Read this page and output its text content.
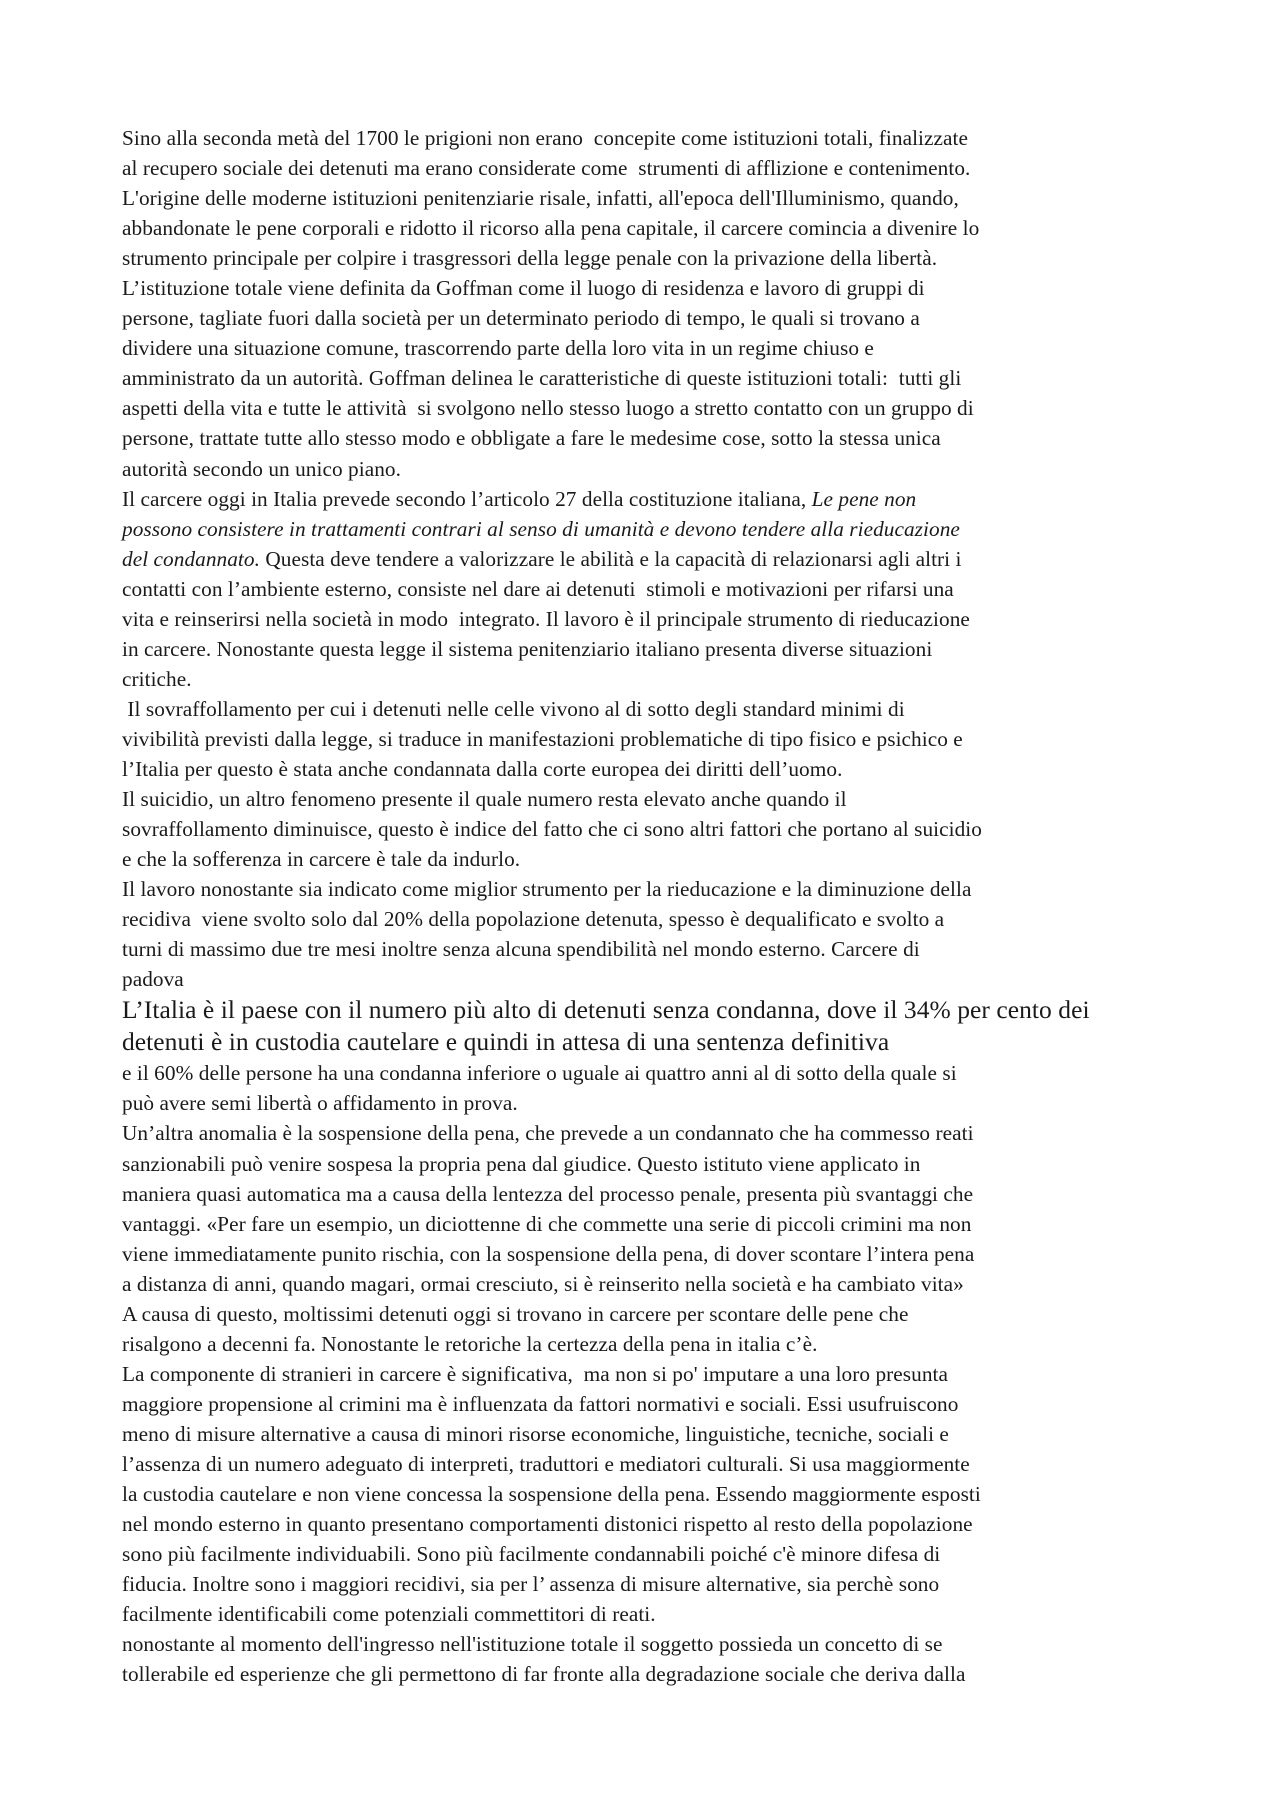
Sino alla seconda metà del 1700 le prigioni non erano  concepite come istituzioni totali, finalizzate
al recupero sociale dei detenuti ma erano considerate come  strumenti di afflizione e contenimento.
L'origine delle moderne istituzioni penitenziarie risale, infatti, all'epoca dell'Illuminismo, quando,
abbandonate le pene corporali e ridotto il ricorso alla pena capitale, il carcere comincia a divenire lo
strumento principale per colpire i trasgressori della legge penale con la privazione della libertà.
L’istituzione totale viene definita da Goffman come il luogo di residenza e lavoro di gruppi di
persone, tagliate fuori dalla società per un determinato periodo di tempo, le quali si trovano a
dividere una situazione comune, trascorrendo parte della loro vita in un regime chiuso e
amministrato da un autorità. Goffman delinea le caratteristiche di queste istituzioni totali:  tutti gli
aspetti della vita e tutte le attività  si svolgono nello stesso luogo a stretto contatto con un gruppo di
persone, trattate tutte allo stesso modo e obbligate a fare le medesime cose, sotto la stessa unica
autorità secondo un unico piano.
Il carcere oggi in Italia prevede secondo l’articolo 27 della costituzione italiana, Le pene non
possono consistere in trattamenti contrari al senso di umanità e devono tendere alla rieducazione
del condannato. Questa deve tendere a valorizzare le abilità e la capacità di relazionarsi agli altri i
contatti con l’ambiente esterno, consiste nel dare ai detenuti  stimoli e motivazioni per rifarsi una
vita e reinserirsi nella società in modo  integrato. Il lavoro è il principale strumento di rieducazione
in carcere. Nonostante questa legge il sistema penitenziario italiano presenta diverse situazioni
critiche.
Il sovraffollamento per cui i detenuti nelle celle vivono al di sotto degli standard minimi di
vivibilità previsti dalla legge, si traduce in manifestazioni problematiche di tipo fisico e psichico e
l’Italia per questo è stata anche condannata dalla corte europea dei diritti dell’uomo.
Il suicidio, un altro fenomeno presente il quale numero resta elevato anche quando il
sovraffollamento diminuisce, questo è indice del fatto che ci sono altri fattori che portano al suicidio
e che la sofferenza in carcere è tale da indurlo.
Il lavoro nonostante sia indicato come miglior strumento per la rieducazione e la diminuzione della
recidiva  viene svolto solo dal 20% della popolazione detenuta, spesso è dequalificato e svolto a
turni di massimo due tre mesi inoltre senza alcuna spendibilità nel mondo esterno. Carcere di
padova
L’Italia è il paese con il numero più alto di detenuti senza condanna, dove il 34% per cento dei
detenuti è in custodia cautelare e quindi in attesa di una sentenza definitiva
e il 60% delle persone ha una condanna inferiore o uguale ai quattro anni al di sotto della quale si
può avere semi libertà o affidamento in prova.
Un’altra anomalia è la sospensione della pena, che prevede a un condannato che ha commesso reati
sanzionabili può venire sospesa la propria pena dal giudice. Questo istituto viene applicato in
maniera quasi automatica ma a causa della lentezza del processo penale, presenta più svantaggi che
vantaggi. «Per fare un esempio, un diciottenne di che commette una serie di piccoli crimini ma non
viene immediatamente punito rischia, con la sospensione della pena, di dover scontare l’intera pena
a distanza di anni, quando magari, ormai cresciuto, si è reinserito nella società e ha cambiato vita»
A causa di questo, moltissimi detenuti oggi si trovano in carcere per scontare delle pene che
risalgono a decenni fa. Nonostante le retoriche la certezza della pena in italia c’è.
La componente di stranieri in carcere è significativa,  ma non si po' imputare a una loro presunta
maggiore propensione al crimini ma è influenzata da fattori normativi e sociali. Essi usufruiscono
meno di misure alternative a causa di minori risorse economiche, linguistiche, tecniche, sociali e
l’assenza di un numero adeguato di interpreti, traduttori e mediatori culturali. Si usa maggiormente
la custodia cautelare e non viene concessa la sospensione della pena. Essendo maggiormente esposti
nel mondo esterno in quanto presentano comportamenti distonici rispetto al resto della popolazione
sono più facilmente individuabili. Sono più facilmente condannabili poiché c'è minore difesa di
fiducia. Inoltre sono i maggiori recidivi, sia per l’ assenza di misure alternative, sia perchè sono
facilmente identificabili come potenziali commettitori di reati.
nonostante al momento dell'ingresso nell'istituzione totale il soggetto possieda un concetto di se
tollerabile ed esperienze che gli permettono di far fronte alla degradazione sociale che deriva dalla
